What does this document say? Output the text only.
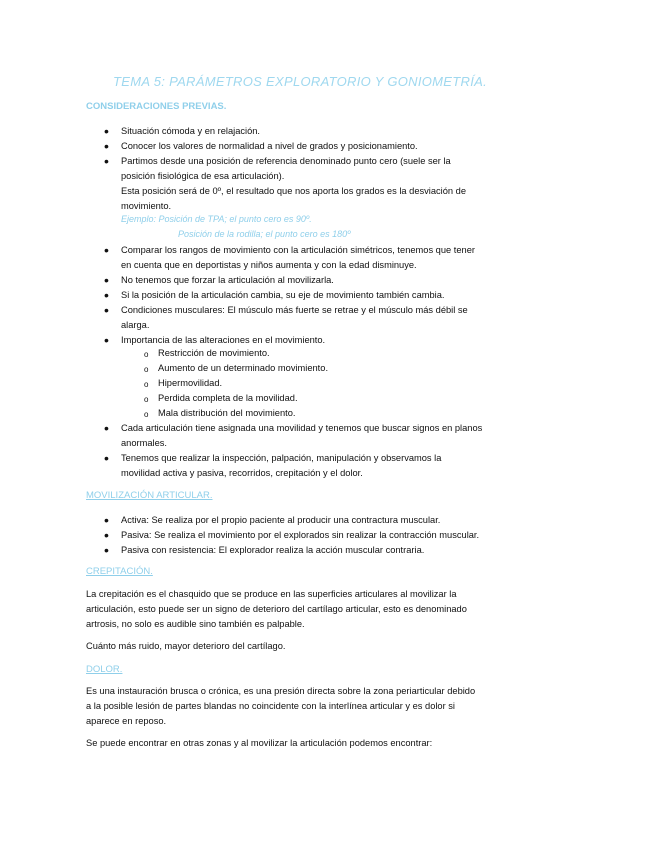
TEMA 5: PARÁMETROS EXPLORATORIO Y GONIOMETRÍA.
CONSIDERACIONES PREVIAS.
• Situación cómoda y en relajación.
• Conocer los valores de normalidad a nivel de grados y posicionamiento.
• Partimos desde una posición de referencia denominado punto cero (suele ser la
posición fisiológica de esa articulación).
Esta posición será de 0º, el resultado que nos aporta los grados es la desviación de
movimiento.
Ejemplo: Posición de TPA; el punto cero es 90º.
Posición de la rodilla; el punto cero es 180º
• Comparar los rangos de movimiento con la articulación simétricos, tenemos que tener
en cuenta que en deportistas y niños aumenta y con la edad disminuye.
• No tenemos que forzar la articulación al movilizarla.
• Si la posición de la articulación cambia, su eje de movimiento también cambia.
• Condiciones musculares: El músculo más fuerte se retrae y el músculo más débil se
alarga.
• Importancia de las alteraciones en el movimiento.
o Restricción de movimiento.
o Aumento de un determinado movimiento.
o Hipermovilidad.
o Perdida completa de la movilidad.
o Mala distribución del movimiento.
• Cada articulación tiene asignada una movilidad y tenemos que buscar signos en planos
anormales.
• Tenemos que realizar la inspección, palpación, manipulación y observamos la
movilidad activa y pasiva, recorridos, crepitación y el dolor.
MOVILIZACIÓN ARTICULAR.
• Activa: Se realiza por el propio paciente al producir una contractura muscular.
• Pasiva: Se realiza el movimiento por el explorados sin realizar la contracción muscular.
• Pasiva con resistencia: El explorador realiza la acción muscular contraria.
CREPITACIÓN.
La crepitación es el chasquido que se produce en las superficies articulares al movilizar la
articulación, esto puede ser un signo de deterioro del cartílago articular, esto es denominado
artrosis, no solo es audible sino también es palpable.
Cuánto más ruido, mayor deterioro del cartílago.
DOLOR.
Es una instauración brusca o crónica, es una presión directa sobre la zona periarticular debido
a la posible lesión de partes blandas no coincidente con la interlínea articular y es dolor si
aparece en reposo.
Se puede encontrar en otras zonas y al movilizar la articulación podemos encontrar:
